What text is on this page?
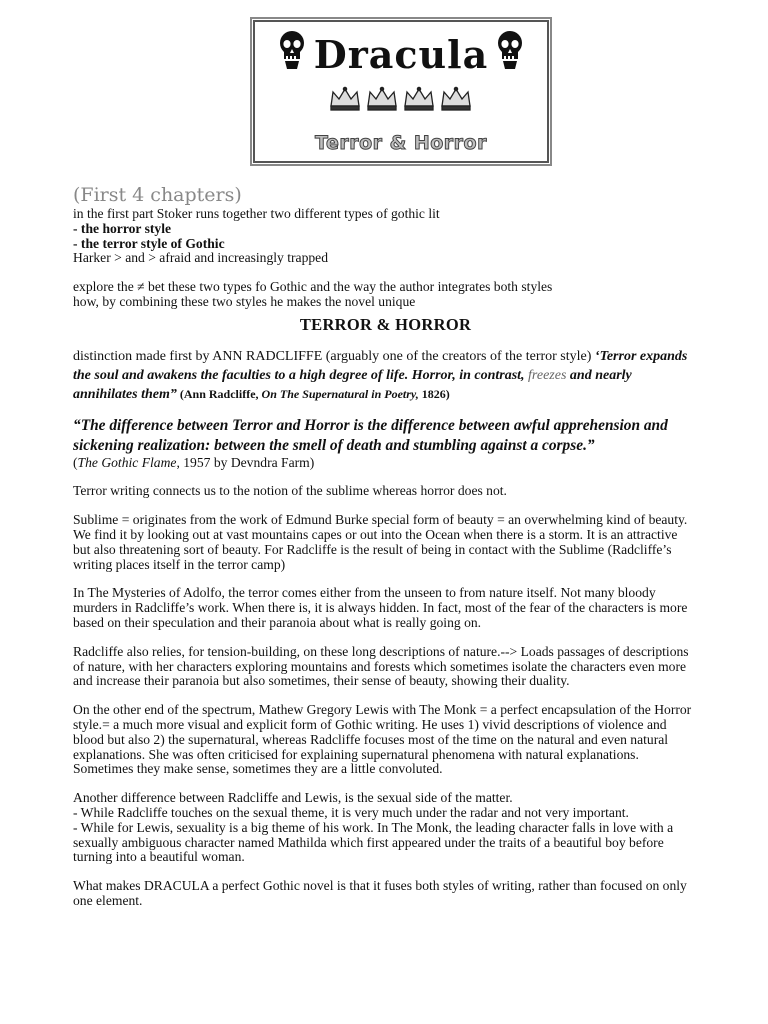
Dracula
Terror & Horror

(First 4 chapters)

in the first part Stoker runs together two different types of gothic lit

- the horror style

- the terror style of Gothic

Harker > and > afraid and increasingly trapped

explore the ≠ bet these two types fo Gothic and the way the author integrates both styles

how, by combining these two styles he makes the novel unique

TERROR & HORROR

distinction made first by ANN RADCLIFFE (arguably one of the creators of the terror style) ‘Terror expands the soul and awakens the faculties to a high degree of life. Horror, in contrast, freezes and nearly annihilates them” (Ann Radcliffe, On The Supernatural in Poetry, 1826)

“The difference between Terror and Horror is the difference between awful apprehension and sickening realization: between the smell of death and stumbling against a corpse.”

(The Gothic Flame, 1957 by Devndra Farm)

Terror writing connects us to the notion of the sublime whereas horror does not.

Sublime = originates from the work of Edmund Burke special form of beauty = an overwhelming kind of beauty. We find it by looking out at vast mountains capes or out into the Ocean when there is a storm. It is an attractive but also threatening sort of beauty. For Radcliffe is the result of being in contact with the Sublime (Radcliffe’s writing places itself in the terror camp)

In The Mysteries of Adolfo, the terror comes either from the unseen to from nature itself. Not many bloody murders in Radcliffe’s work. When there is, it is always hidden. In fact, most of the fear of the characters is more based on their speculation and their paranoia about what is really going on.

Radcliffe also relies, for tension-building, on these long descriptions of nature.--> Loads passages of descriptions of nature, with her characters exploring mountains and forests which sometimes isolate the characters even more and increase their paranoia but also sometimes, their sense of beauty, showing their duality.

On the other end of the spectrum, Mathew Gregory Lewis with The Monk = a perfect encapsulation of the Horror style.= a much more visual and explicit form of Gothic writing. He uses 1) vivid descriptions of violence and blood but also 2) the supernatural, whereas Radcliffe focuses most of the time on the natural and even natural explanations. She was often criticised for explaining supernatural phenomena with natural explanations. Sometimes they make sense, sometimes they are a little convoluted.

Another difference between Radcliffe and Lewis, is the sexual side of the matter.

- While Radcliffe touches on the sexual theme, it is very much under the radar and not very important.

- While for Lewis, sexuality is a big theme of his work. In The Monk, the leading character falls in love with a sexually ambiguous character named Mathilda which first appeared under the traits of a beautiful boy before turning into a beautiful woman.

What makes DRACULA a perfect Gothic novel is that it fuses both styles of writing, rather than focused on only one element.
